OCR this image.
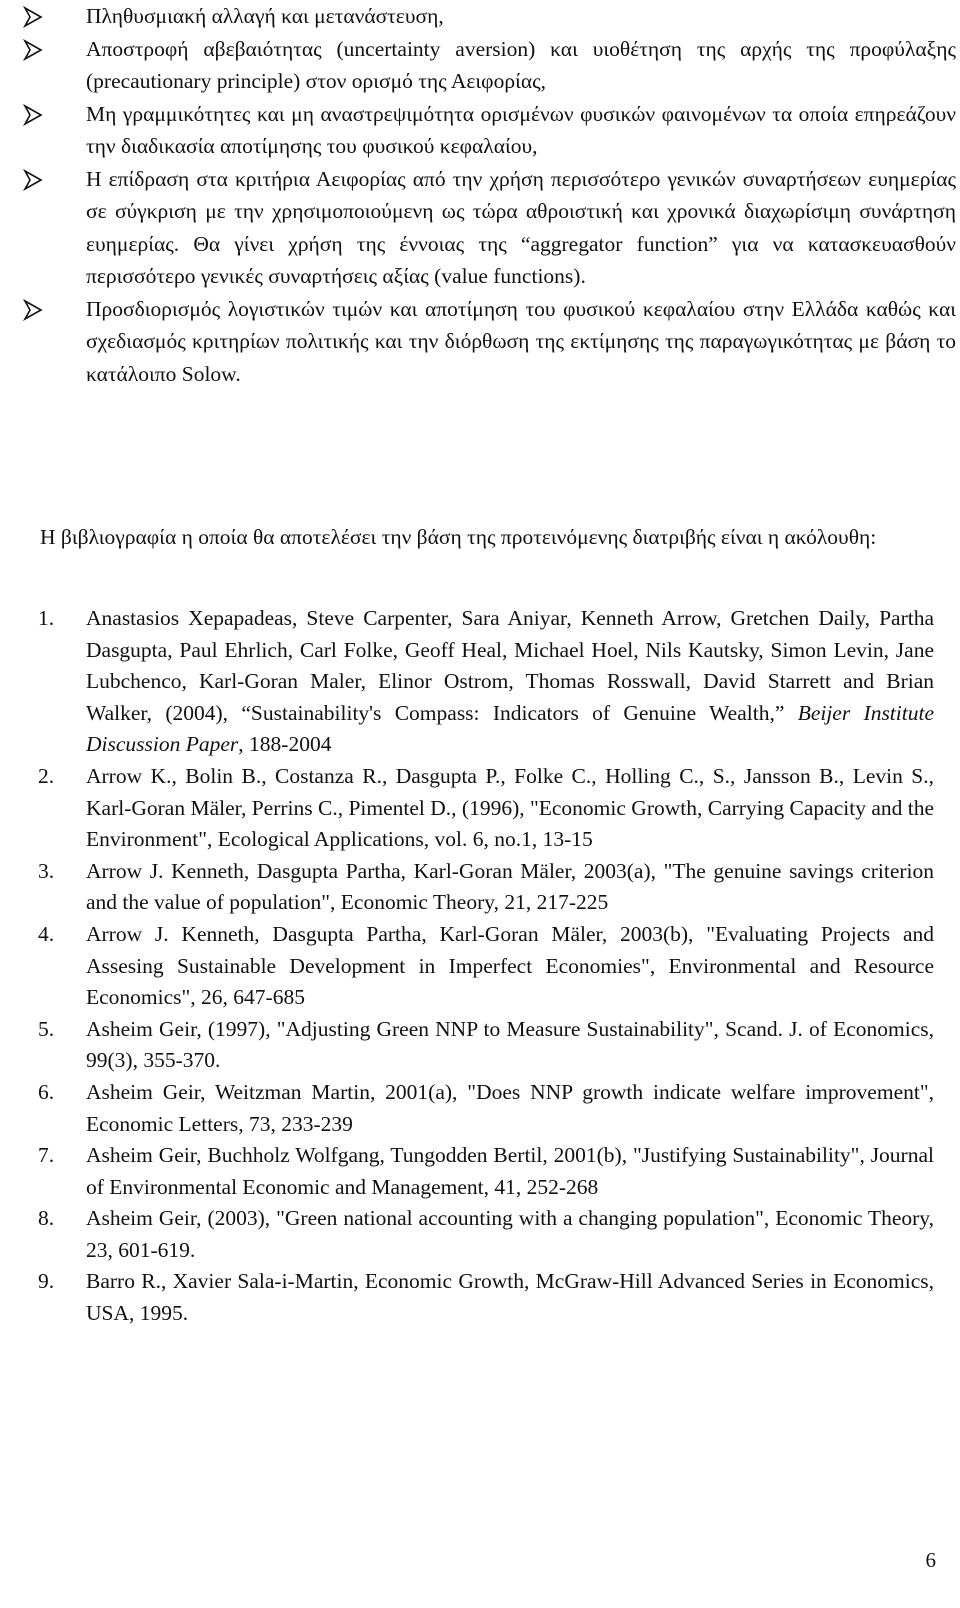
Πληθυσμιακή αλλαγή και μετανάστευση,
Αποστροφή αβεβαιότητας (uncertainty aversion) και υιοθέτηση της αρχής της προφύλαξης (precautionary principle) στον ορισμό της Αειφορίας,
Μη γραμμικότητες και μη αναστρεψιμότητα ορισμένων φυσικών φαινομένων τα οποία επηρεάζουν την διαδικασία αποτίμησης του φυσικού κεφαλαίου,
Η επίδραση στα κριτήρια Αειφορίας από την χρήση περισσότερο γενικών συναρτήσεων ευημερίας σε σύγκριση με την χρησιμοποιούμενη ως τώρα αθροιστική και χρονικά διαχωρίσιμη συνάρτηση ευημερίας. Θα γίνει χρήση της έννοιας της “aggregator function” για να κατασκευασθούν περισσότερο γενικές συναρτήσεις αξίας (value functions).
Προσδιορισμός λογιστικών τιμών και αποτίμηση του φυσικού κεφαλαίου στην Ελλάδα καθώς και σχεδιασμός κριτηρίων πολιτικής και την διόρθωση της εκτίμησης της παραγωγικότητας με βάση το κατάλοιπο Solow.

Η βιβλιογραφία η οποία θα αποτελέσει την βάση της προτεινόμενης διατριβής είναι η ακόλουθη:

1.	Anastasios Xepapadeas, Steve Carpenter, Sara Aniyar, Kenneth Arrow, Gretchen Daily, Partha Dasgupta, Paul Ehrlich, Carl Folke, Geoff Heal, Michael Hoel, Nils Kautsky, Simon Levin, Jane Lubchenco, Karl-Goran Maler, Elinor Ostrom, Thomas Rosswall, David Starrett and Brian Walker, (2004), “Sustainability's Compass: Indicators of Genuine Wealth,” Beijer Institute Discussion Paper, 188-2004
2.	Arrow K., Bolin B., Costanza R., Dasgupta P., Folke C., Holling C., S., Jansson B., Levin S., Karl-Goran Mäler, Perrins C., Pimentel D., (1996), "Economic Growth, Carrying Capacity and the Environment", Ecological Applications, vol. 6, no.1, 13-15
3.	Arrow J. Kenneth, Dasgupta Partha, Karl-Goran Mäler, 2003(a), "The genuine savings criterion and the value of population", Economic Theory, 21, 217-225
4.	Arrow J. Kenneth, Dasgupta Partha, Karl-Goran Mäler, 2003(b), "Evaluating Projects and Assesing Sustainable Development in Imperfect Economies", Environmental and Resource Economics", 26, 647-685
5.	Asheim Geir, (1997), "Adjusting Green NNP to Measure Sustainability", Scand. J. of Economics, 99(3), 355-370.
6.	Asheim Geir, Weitzman Martin, 2001(a), "Does NNP growth indicate welfare improvement", Economic Letters, 73, 233-239
7.	Asheim Geir, Buchholz Wolfgang, Tungodden Bertil, 2001(b), "Justifying Sustainability", Journal of Environmental Economic and Management, 41, 252-268
8.	Asheim Geir, (2003), "Green national accounting with a changing population", Economic Theory, 23, 601-619.
9.	Barro R., Xavier Sala-i-Martin, Economic Growth, McGraw-Hill Advanced Series in Economics, USA, 1995.
6
